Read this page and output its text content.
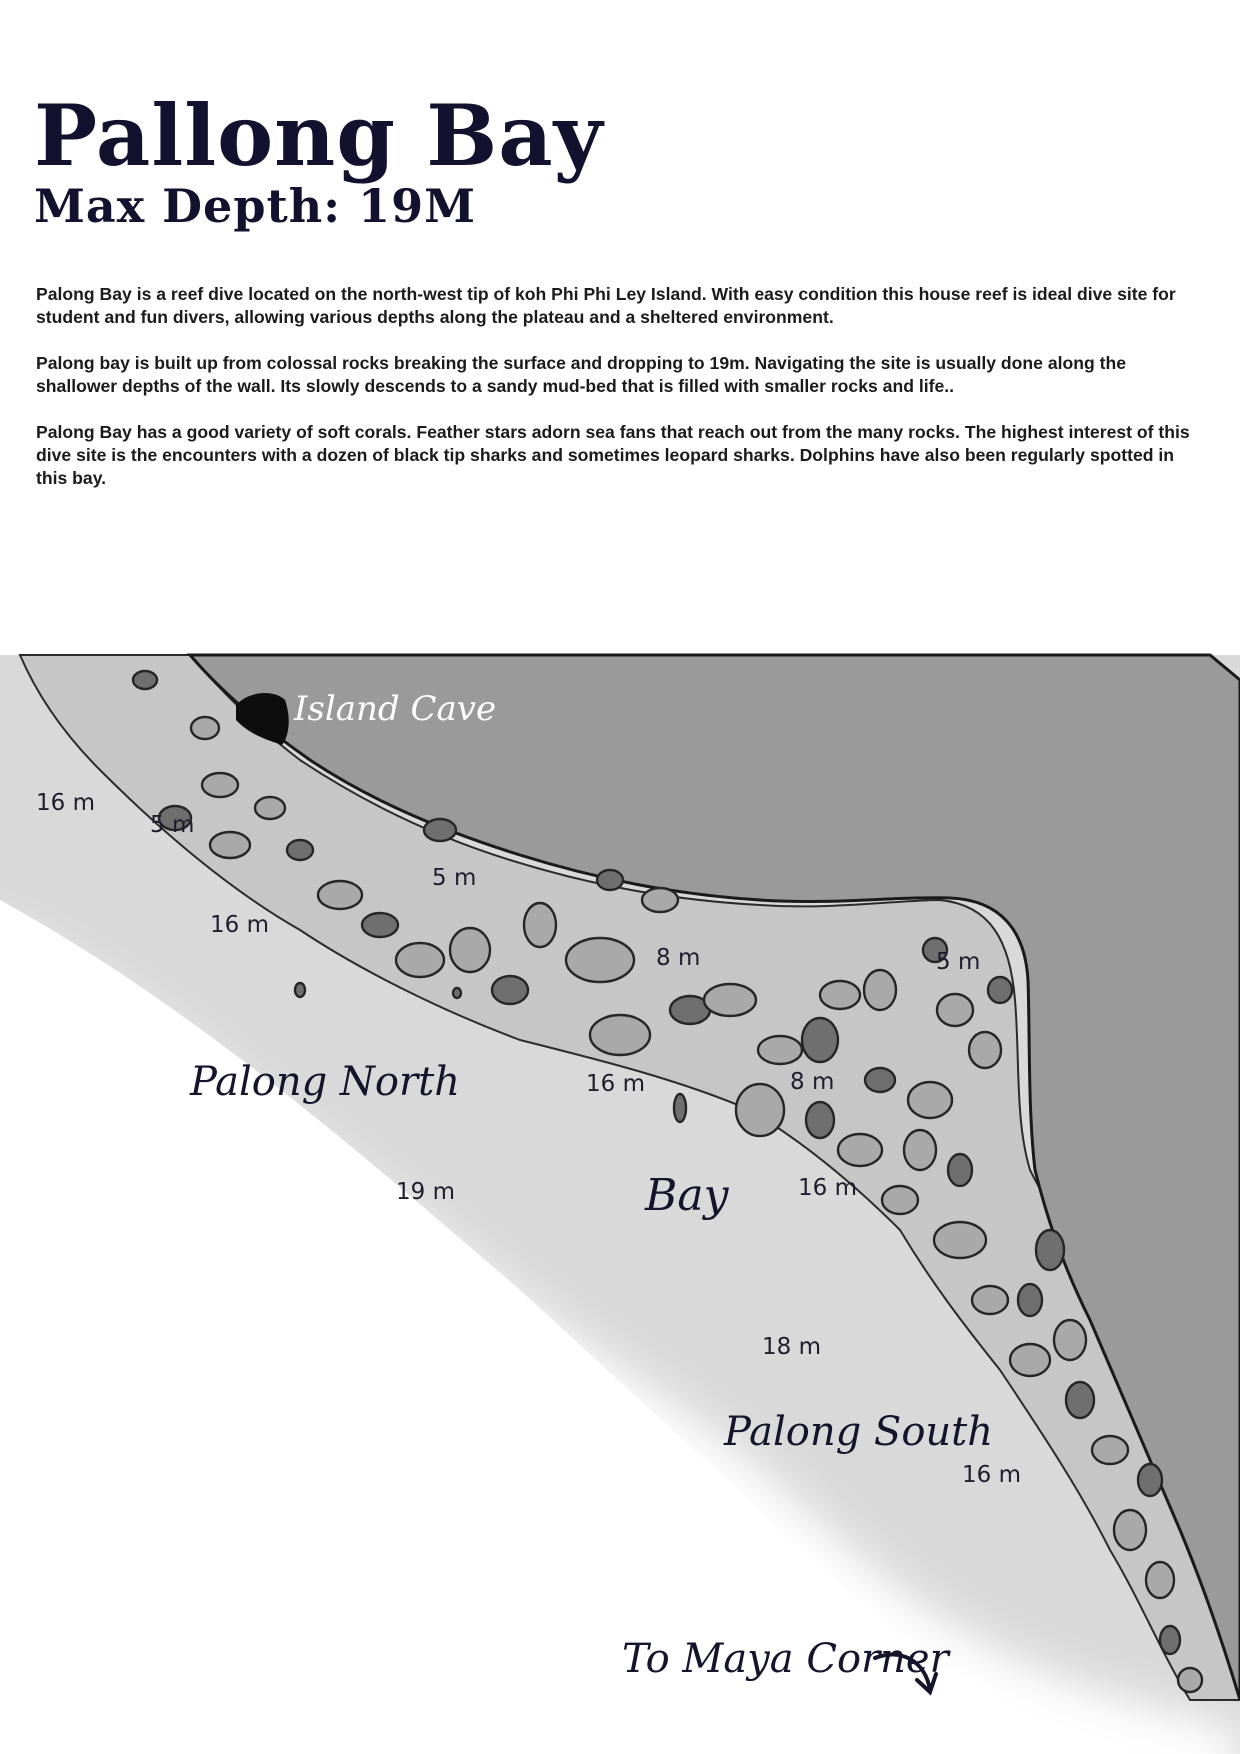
Pallong Bay
Max Depth: 19M

Palong Bay is a reef dive located on the north-west tip of koh Phi Phi Ley Island. With easy condition this house reef is ideal dive site for student and fun divers, allowing various depths along the plateau and a sheltered environment.

Palong bay is built up from colossal rocks breaking the surface and dropping to 19m. Navigating the site is usually done along the shallower depths of the wall. Its slowly descends to a sandy mud-bed that is filled with smaller rocks and life..

Palong Bay has a good variety of soft corals. Feather stars adorn sea fans that reach out from the many rocks. The highest interest of this dive site is the encounters with a dozen of black tip sharks and sometimes leopard sharks. Dolphins have also been regularly spotted in this bay.

16 m
5 m
16 m
5 m
8 m	5 m
16 m	8 m
19 m	16 m
18 m
16 m
Island Cave
Palong North
Bay
Palong South
To Maya Corner
